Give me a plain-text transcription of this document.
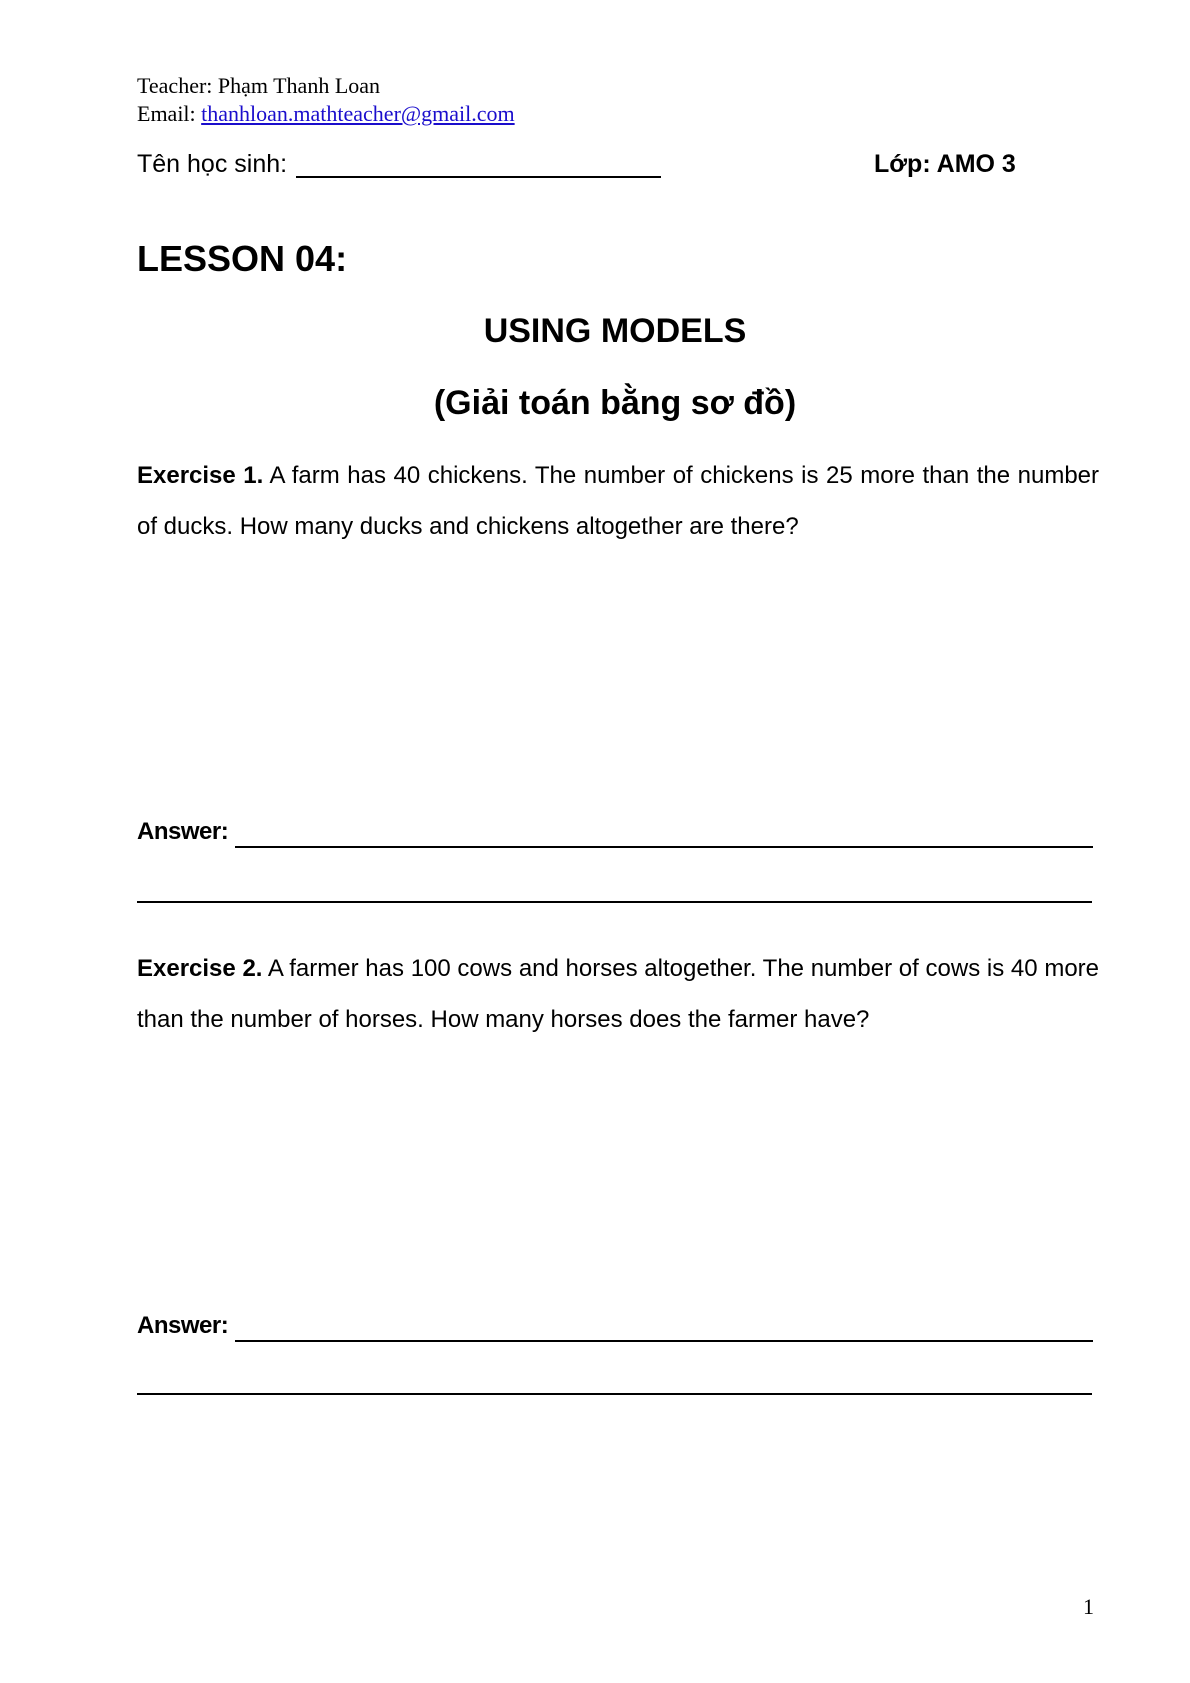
Teacher: Phạm Thanh Loan
Email: thanhloan.mathteacher@gmail.com
Tên học sinh:	Lớp: AMO 3
LESSON 04:
USING MODELS
(Giải toán bằng sơ đồ)
Exercise 1. A farm has 40 chickens. The number of chickens is 25 more than the number of ducks. How many ducks and chickens altogether are there?
Answer:
Exercise 2. A farmer has 100 cows and horses altogether. The number of cows is 40 more than the number of horses. How many horses does the farmer have?
Answer:
1
